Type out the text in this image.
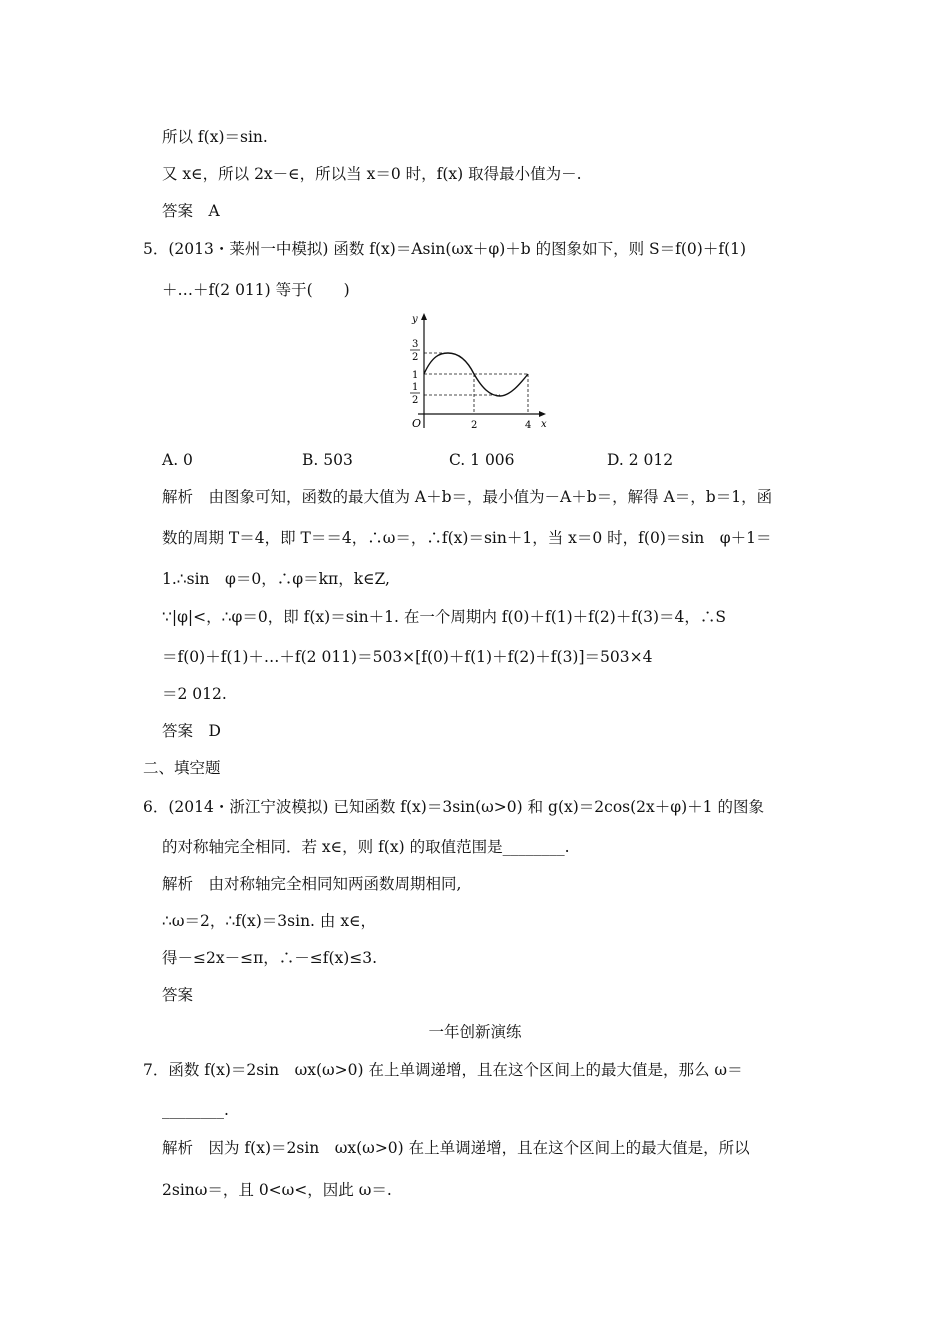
所以 f(x)＝sin.
又 x∈，所以 2x－∈，所以当 x＝0 时，f(x) 取得最小值为－.
答案　A
5．(2013・莱州一中模拟) 函数 f(x)＝Asin(ωx＋φ)＋b 的图象如下，则 S＝f(0)＋f(1)
＋…＋f(2 011) 等于(　　)
y
x
O
3
2
1
1
2
2	4
A. 0	B. 503	C. 1 006	D. 2 012
解析　由图象可知，函数的最大值为 A＋b＝，最小值为－A＋b＝，解得 A＝，b＝1，函
数的周期 T＝4，即 T＝＝4，∴ω＝，∴f(x)＝sin＋1，当 x＝0 时，f(0)＝sin　φ＋1＝
1.∴sin　φ＝0，∴φ＝kπ，k∈Z,
∵|φ|<，∴φ＝0，即 f(x)＝sin＋1. 在一个周期内 f(0)＋f(1)＋f(2)＋f(3)＝4，∴S
＝f(0)＋f(1)＋…＋f(2 011)＝503×[f(0)＋f(1)＋f(2)＋f(3)]＝503×4
＝2 012.
答案　D
二、填空题
6．(2014・浙江宁波模拟) 已知函数 f(x)＝3sin(ω>0) 和 g(x)＝2cos(2x＋φ)＋1 的图象
的对称轴完全相同．若 x∈，则 f(x) 的取值范围是________.
解析　由对称轴完全相同知两函数周期相同,
∴ω＝2，∴f(x)＝3sin. 由 x∈，
得－≤2x－≤π，∴－≤f(x)≤3.
答案
一年创新演练
7．函数 f(x)＝2sin　ωx(ω>0) 在上单调递增，且在这个区间上的最大值是，那么 ω＝
________.
解析　因为 f(x)＝2sin　ωx(ω>0) 在上单调递增，且在这个区间上的最大值是，所以
2sinω＝，且 0<ω<，因此 ω＝.
